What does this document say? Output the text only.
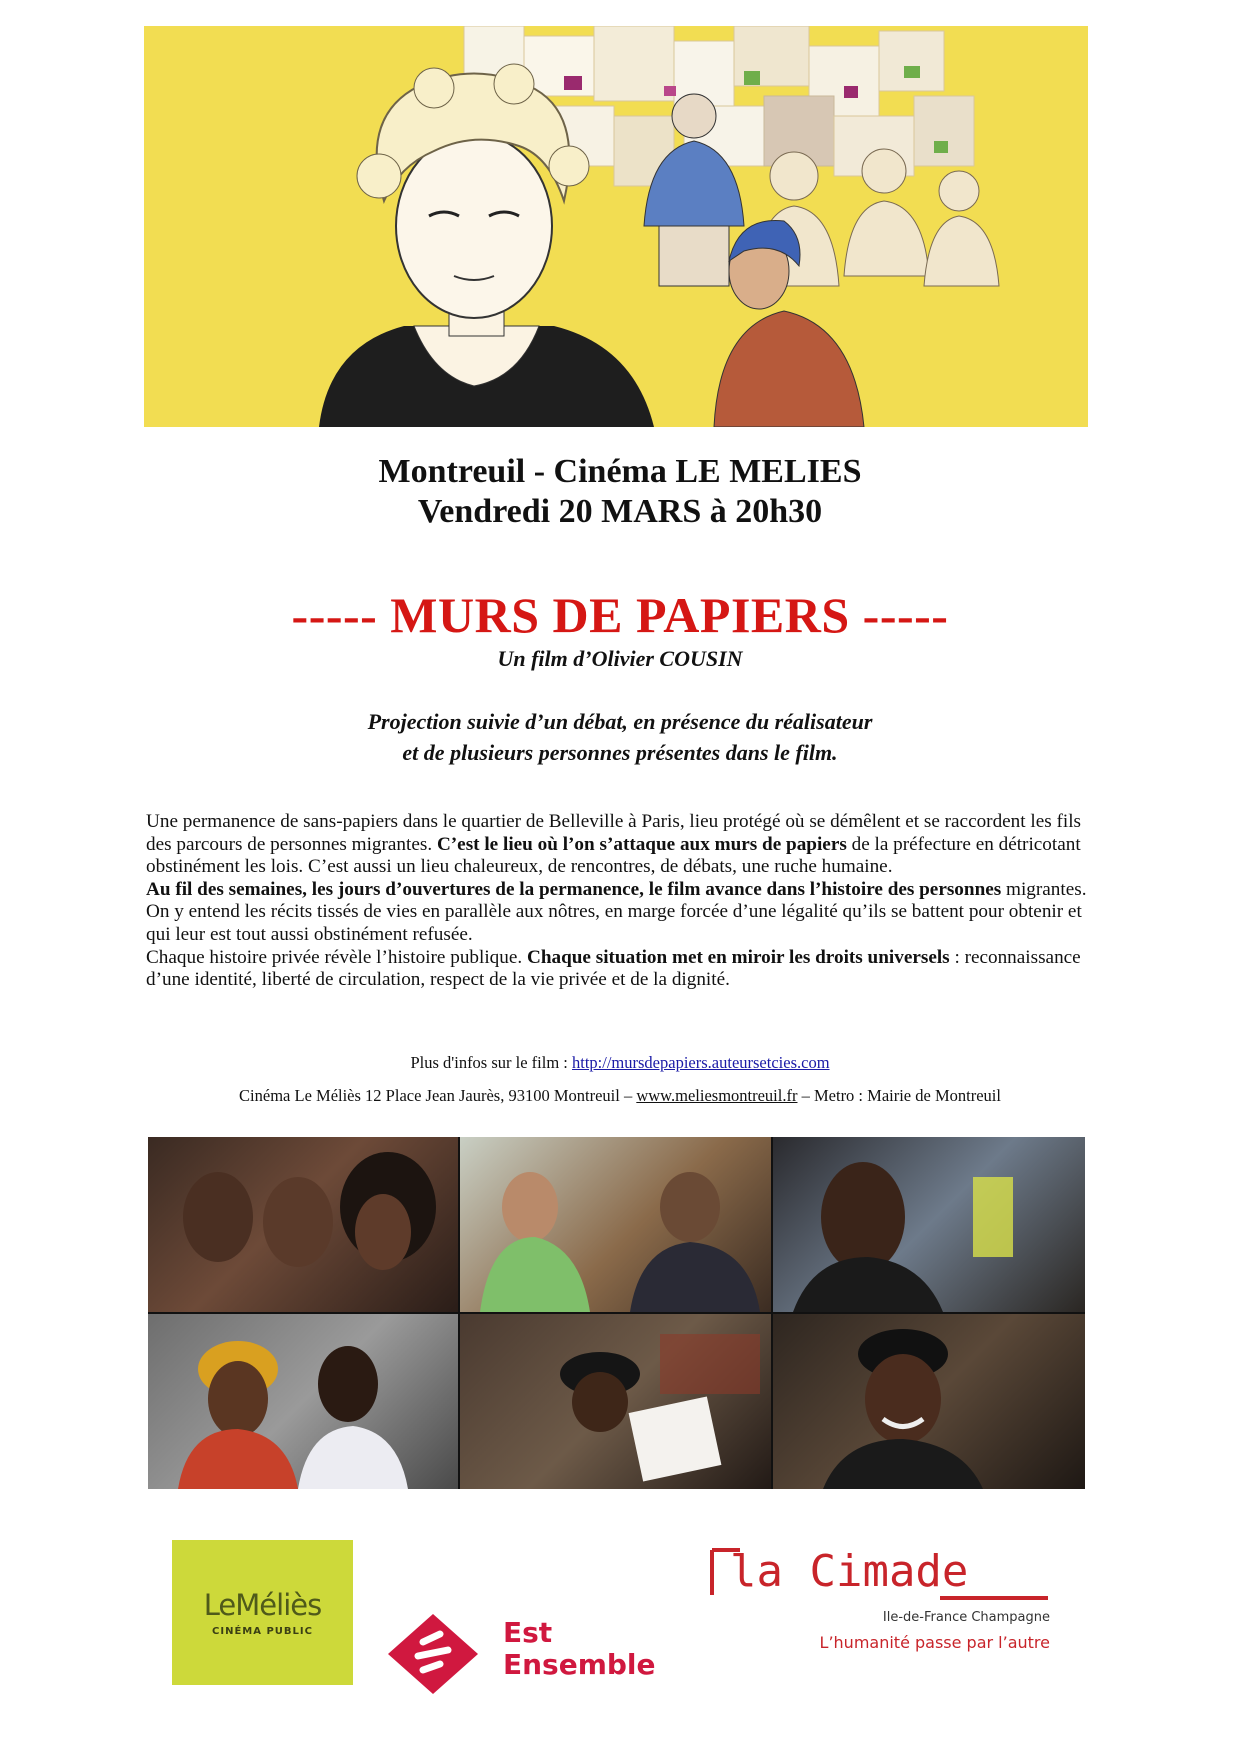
Montreuil - Cinéma LE MELIES
Vendredi 20 MARS à 20h30
----- MURS DE PAPIERS -----
Un film d’Olivier COUSIN
Projection suivie d’un débat, en présence du réalisateur
et de plusieurs personnes présentes dans le film.
Une permanence de sans-papiers dans le quartier de Belleville à Paris, lieu protégé où se démêlent et se raccordent les fils des parcours de personnes migrantes. C’est le lieu où l’on s’attaque aux murs de papiers de la préfecture en détricotant obstinément les lois. C’est aussi un lieu chaleureux, de rencontres, de débats, une ruche humaine.
Au fil des semaines, les jours d’ouvertures de la permanence, le film avance dans l’histoire des personnes migrantes. On y entend les récits tissés de vies en parallèle aux nôtres, en marge forcée d’une légalité qu’ils se battent pour obtenir et qui leur est tout aussi obstinément refusée.
Chaque histoire privée révèle l’histoire publique. Chaque situation met en miroir les droits universels : reconnaissance d’une identité, liberté de circulation, respect de la vie privée et de la dignité.
Plus d'infos sur le film : http://mursdepapiers.auteursetcies.com
Cinéma Le Méliès 12 Place Jean Jaurès, 93100 Montreuil – www.meliesmontreuil.fr – Metro : Mairie de Montreuil
LeMéliès
CINÉMA PUBLIC	Est
Ensemble
la Cimade
Ile-de-France Champagne
L’humanité passe par l’autre
